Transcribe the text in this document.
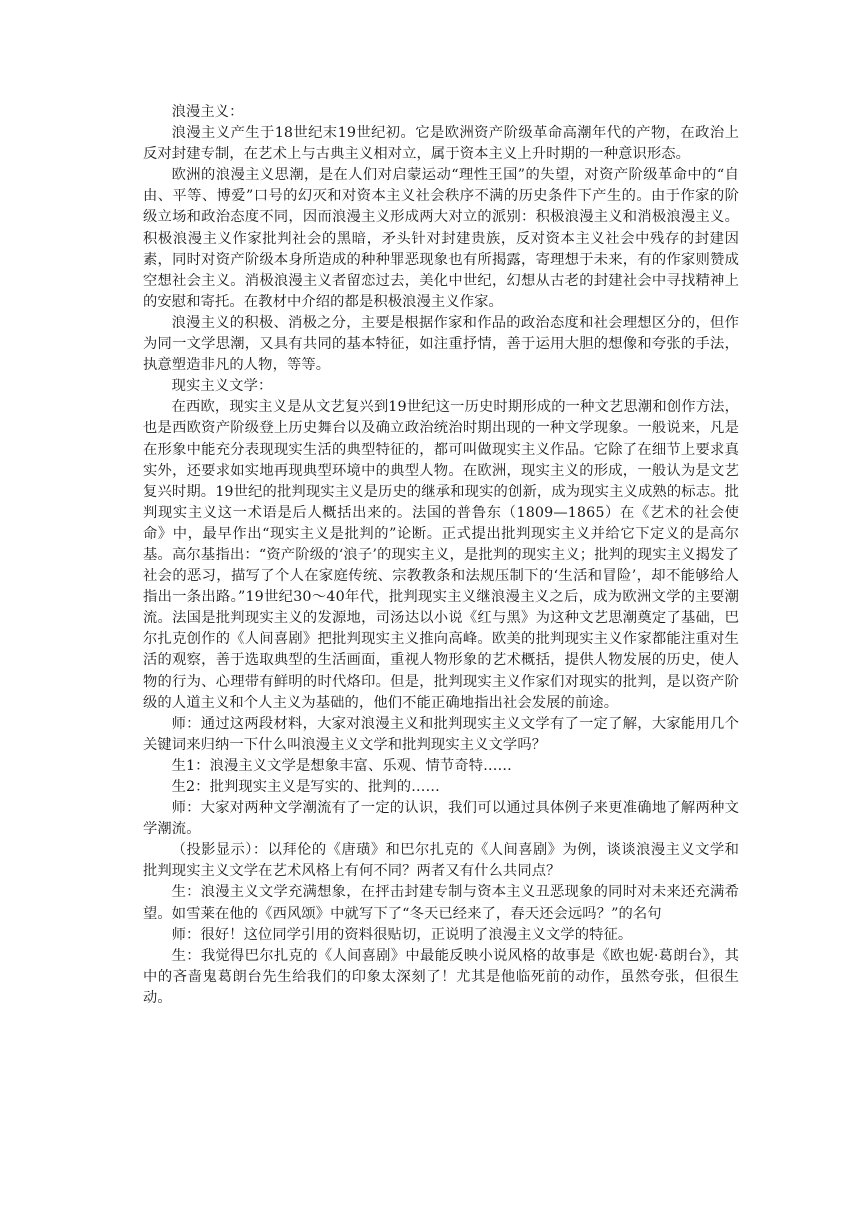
浪漫主义：

浪漫主义产生于18世纪末19世纪初。它是欧洲资产阶级革命高潮年代的产物，在政治上反对封建专制，在艺术上与古典主义相对立，属于资本主义上升时期的一种意识形态。

欧洲的浪漫主义思潮，是在人们对启蒙运动“理性王国”的失望，对资产阶级革命中的“自由、平等、博爱”口号的幻灭和对资本主义社会秩序不满的历史条件下产生的。由于作家的阶级立场和政治态度不同，因而浪漫主义形成两大对立的派别：积极浪漫主义和消极浪漫主义。积极浪漫主义作家批判社会的黑暗，矛头针对封建贵族，反对资本主义社会中残存的封建因素，同时对资产阶级本身所造成的种种罪恶现象也有所揭露，寄理想于未来，有的作家则赞成空想社会主义。消极浪漫主义者留恋过去，美化中世纪，幻想从古老的封建社会中寻找精神上的安慰和寄托。在教材中介绍的都是积极浪漫主义作家。

浪漫主义的积极、消极之分，主要是根据作家和作品的政治态度和社会理想区分的，但作为同一文学思潮，又具有共同的基本特征，如注重抒情，善于运用大胆的想像和夸张的手法，执意塑造非凡的人物，等等。

现实主义文学：

在西欧，现实主义是从文艺复兴到19世纪这一历史时期形成的一种文艺思潮和创作方法，也是西欧资产阶级登上历史舞台以及确立政治统治时期出现的一种文学现象。一般说来，凡是在形象中能充分表现现实生活的典型特征的，都可叫做现实主义作品。它除了在细节上要求真实外，还要求如实地再现典型环境中的典型人物。在欧洲，现实主义的形成，一般认为是文艺复兴时期。19世纪的批判现实主义是历史的继承和现实的创新，成为现实主义成熟的标志。批判现实主义这一术语是后人概括出来的。法国的普鲁东（1809—1865）在《艺术的社会使命》中，最早作出“现实主义是批判的”论断。正式提出批判现实主义并给它下定义的是高尔基。高尔基指出：“资产阶级的‘浪子’的现实主义，是批判的现实主义；批判的现实主义揭发了社会的恶习，描写了个人在家庭传统、宗教教条和法规压制下的‘生活和冒险’，却不能够给人指出一条出路。”19世纪30～40年代，批判现实主义继浪漫主义之后，成为欧洲文学的主要潮流。法国是批判现实主义的发源地，司汤达以小说《红与黑》为这种文艺思潮奠定了基础，巴尔扎克创作的《人间喜剧》把批判现实主义推向高峰。欧美的批判现实主义作家都能注重对生活的观察，善于选取典型的生活画面，重视人物形象的艺术概括，提供人物发展的历史，使人物的行为、心理带有鲜明的时代烙印。但是，批判现实主义作家们对现实的批判，是以资产阶级的人道主义和个人主义为基础的，他们不能正确地指出社会发展的前途。

师：通过这两段材料，大家对浪漫主义和批判现实主义文学有了一定了解，大家能用几个关键词来归纳一下什么叫浪漫主义文学和批判现实主义文学吗？

生1：浪漫主义文学是想象丰富、乐观、情节奇特……

生2：批判现实主义是写实的、批判的……

师：大家对两种文学潮流有了一定的认识，我们可以通过具体例子来更准确地了解两种文学潮流。

（投影显示）：以拜伦的《唐璜》和巴尔扎克的《人间喜剧》为例，谈谈浪漫主义文学和批判现实主义文学在艺术风格上有何不同？两者又有什么共同点？

生：浪漫主义文学充满想象，在抨击封建专制与资本主义丑恶现象的同时对未来还充满希望。如雪莱在他的《西风颂》中就写下了“冬天已经来了，春天还会远吗？”的名句

师：很好！这位同学引用的资料很贴切，正说明了浪漫主义文学的特征。

生：我觉得巴尔扎克的《人间喜剧》中最能反映小说风格的故事是《欧也妮·葛朗台》，其中的吝啬鬼葛朗台先生给我们的印象太深刻了！尤其是他临死前的动作，虽然夸张，但很生动。
